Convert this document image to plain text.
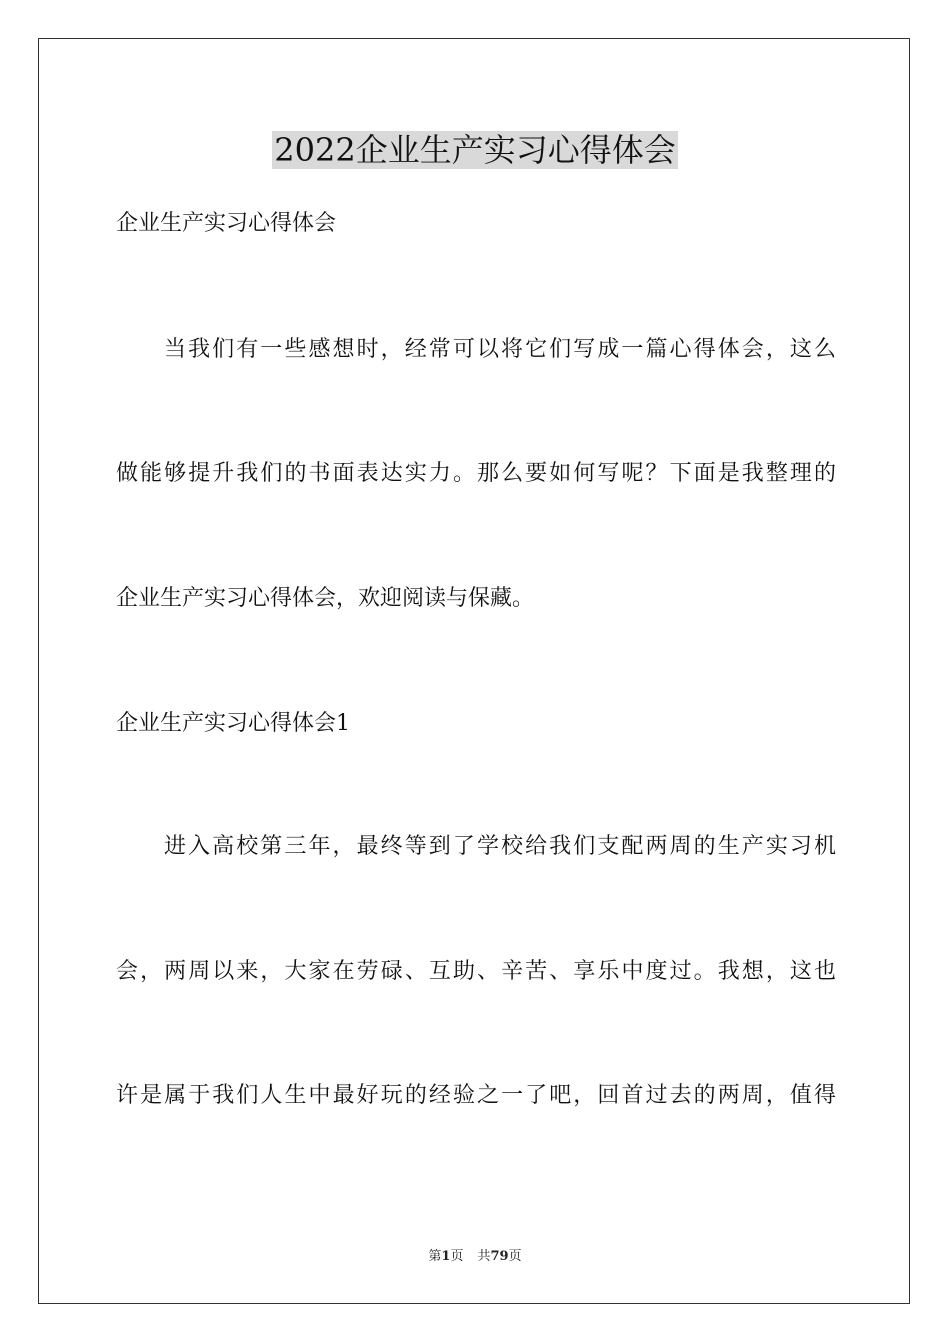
2022企业生产实习心得体会
企业生产实习心得体会
当我们有一些感想时，经常可以将它们写成一篇心得体会，这么
做能够提升我们的书面表达实力。那么要如何写呢？下面是我整理的
企业生产实习心得体会，欢迎阅读与保藏。
企业生产实习心得体会1
进入高校第三年，最终等到了学校给我们支配两周的生产实习机
会，两周以来，大家在劳碌、互助、辛苦、享乐中度过。我想，这也
许是属于我们人生中最好玩的经验之一了吧，回首过去的两周，值得
第1页 共79页
